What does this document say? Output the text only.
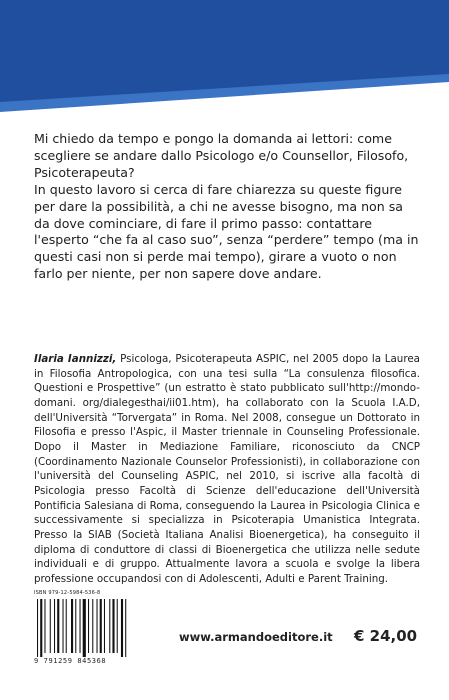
Mi chiedo da tempo e pongo la domanda ai lettori: come scegliere se andare dallo Psicologo e/o Counsellor, Filosofo, Psicoterapeuta?

In questo lavoro si cerca di fare chiarezza su queste figure per dare la possibilità, a chi ne avesse bisogno, ma non sa da dove cominciare, di fare il primo passo: contattare l'esperto “che fa al caso suo”, senza “perdere” tempo (ma in questi casi non si perde mai tempo), girare a vuoto o non farlo per niente, per non sapere dove andare.

Ilaria Iannizzi, Psicologa, Psicoterapeuta ASPIC, nel 2005 dopo la Laurea in Filosofia Antropologica, con una tesi sulla “La consulenza filosofica. Questioni e Prospettive” (un estratto è stato pubblicato sull'http://mondo-domani. org/dialegesthai/ii01.htm), ha collaborato con la Scuola I.A.D, dell'Università “Torvergata” in Roma. Nel 2008, consegue un Dottorato in Filosofia e presso l'Aspic, il Master triennale in Counseling Professionale. Dopo il Master in Mediazione Familiare, riconosciuto da CNCP (Coordinamento Nazionale Counselor Professionisti), in collaborazione con l'università del Counseling ASPIC, nel 2010, si iscrive alla facoltà di Psicologia presso Facoltà di Scienze dell'educazione dell'Università Pontificia Salesiana di Roma, conseguendo la Laurea in Psicologia Clinica e successivamente si specializza in Psicoterapia Umanistica Integrata. Presso la SIAB (Società Italiana Analisi Bioenergetica), ha conseguito il diploma di conduttore di classi di Bioenergetica che utilizza nelle sedute individuali e di gruppo. Attualmente lavora a scuola e svolge la libera professione occupandosi con di Adolescenti, Adulti e Parent Training.
ISBN 979-12-5984-536-8
9 791259 845368
www.armandoeditore.it € 24,00
